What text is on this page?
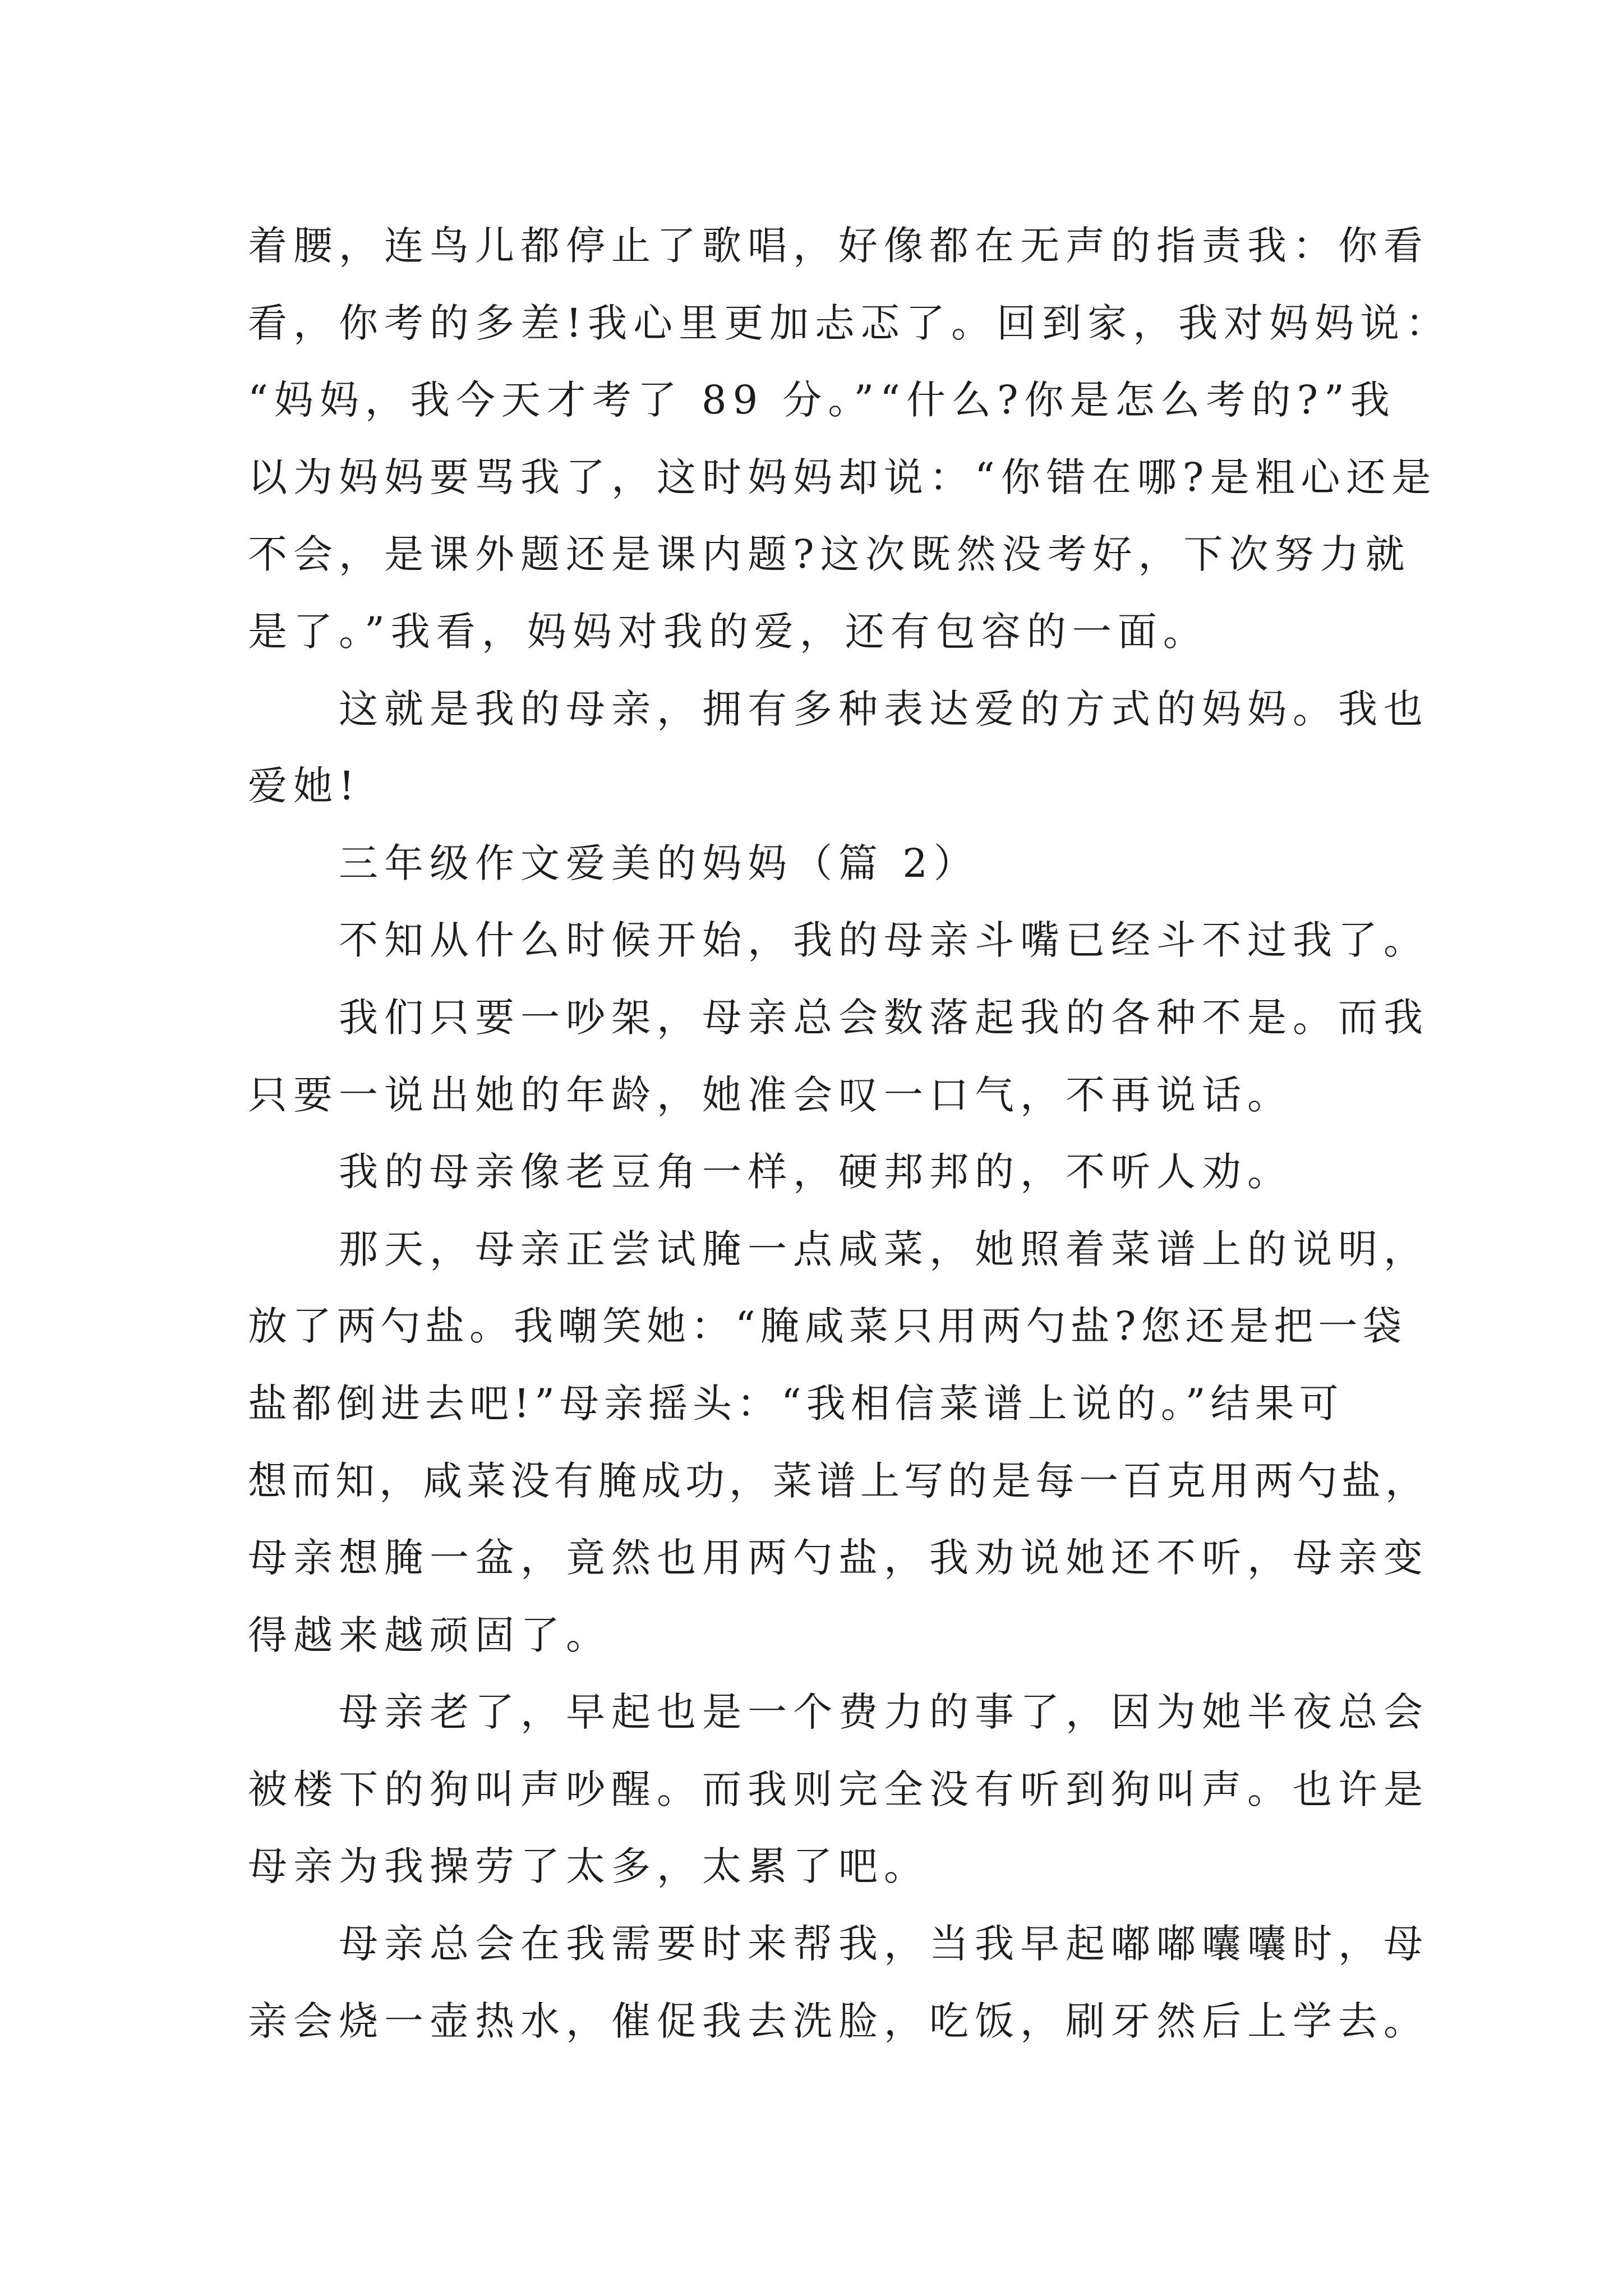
着腰，连鸟儿都停止了歌唱，好像都在无声的指责我：你看
看，你考的多差!我心里更加忐忑了。回到家，我对妈妈说：
“妈妈，我今天才考了 89 分。”“什么?你是怎么考的?”我
以为妈妈要骂我了，这时妈妈却说：“你错在哪?是粗心还是
不会，是课外题还是课内题?这次既然没考好，下次努力就
是了。”我看，妈妈对我的爱，还有包容的一面。
这就是我的母亲，拥有多种表达爱的方式的妈妈。我也
爱她!
三年级作文爱美的妈妈（篇 2）
不知从什么时候开始，我的母亲斗嘴已经斗不过我了。
我们只要一吵架，母亲总会数落起我的各种不是。而我
只要一说出她的年龄，她准会叹一口气，不再说话。
我的母亲像老豆角一样，硬邦邦的，不听人劝。
那天，母亲正尝试腌一点咸菜，她照着菜谱上的说明，
放了两勺盐。我嘲笑她：“腌咸菜只用两勺盐?您还是把一袋
盐都倒进去吧!”母亲摇头：“我相信菜谱上说的。”结果可
想而知，咸菜没有腌成功，菜谱上写的是每一百克用两勺盐，
母亲想腌一盆，竟然也用两勺盐，我劝说她还不听，母亲变
得越来越顽固了。
母亲老了，早起也是一个费力的事了，因为她半夜总会
被楼下的狗叫声吵醒。而我则完全没有听到狗叫声。也许是
母亲为我操劳了太多，太累了吧。
母亲总会在我需要时来帮我，当我早起嘟嘟囔囔时，母
亲会烧一壶热水，催促我去洗脸，吃饭，刷牙然后上学去。
